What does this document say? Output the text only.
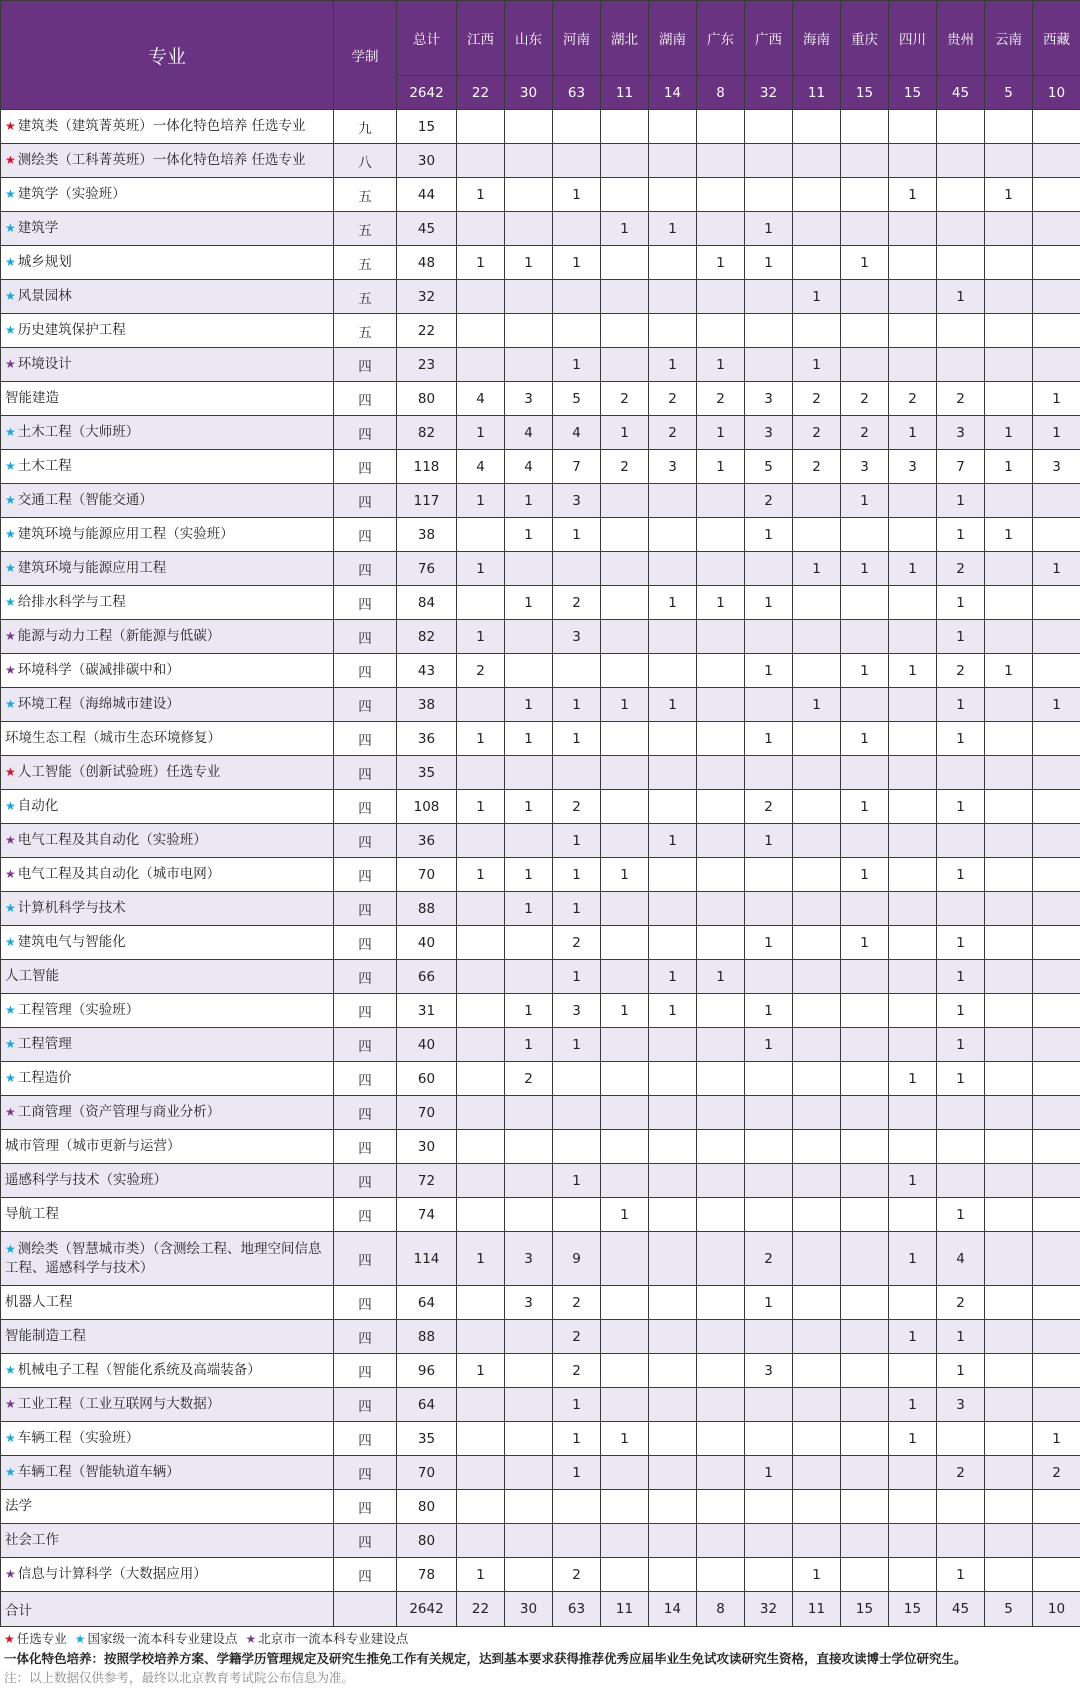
专业	学制	总计	江西	山东	河南	湖北	湖南	广东	广西	海南	重庆	四川	贵州	云南	西藏
		2642	22	30	63	11	14	8	32	11	15	15	45	5	10
★ 建筑类（建筑菁英班）一体化特色培养 任选专业	九	15													
★ 测绘类（工科菁英班）一体化特色培养 任选专业	八	30													
★ 建筑学（实验班）	五	44	1		1							1		1	
★ 建筑学	五	45				1	1		1						
★ 城乡规划	五	48	1	1	1			1	1		1				
★ 风景园林	五	32								1			1		
★ 历史建筑保护工程	五	22													
★ 环境设计	四	23			1		1	1		1					
智能建造	四	80	4	3	5	2	2	2	3	2	2	2	2		1
★ 土木工程（大师班）	四	82	1	4	4	1	2	1	3	2	2	1	3	1	1
★ 土木工程	四	118	4	4	7	2	3	1	5	2	3	3	7	1	3
★ 交通工程（智能交通）	四	117	1	1	3				2		1		1		
★ 建筑环境与能源应用工程（实验班）	四	38		1	1				1				1	1	
★ 建筑环境与能源应用工程	四	76	1							1	1	1	2		1
★ 给排水科学与工程	四	84		1	2		1	1	1				1		
★ 能源与动力工程（新能源与低碳）	四	82	1		3								1		
★ 环境科学（碳减排碳中和）	四	43	2						1		1	1	2	1	
★ 环境工程（海绵城市建设）	四	38		1	1	1	1			1			1		1
环境生态工程（城市生态环境修复）	四	36	1	1	1				1		1		1		
★ 人工智能（创新试验班）任选专业	四	35													
★ 自动化	四	108	1	1	2				2		1		1		
★ 电气工程及其自动化（实验班）	四	36			1		1		1						
★ 电气工程及其自动化（城市电网）	四	70	1	1	1	1					1		1		
★ 计算机科学与技术	四	88		1	1										
★ 建筑电气与智能化	四	40			2				1		1		1		
人工智能	四	66			1		1	1					1		
★ 工程管理（实验班）	四	31		1	3	1	1		1				1		
★ 工程管理	四	40		1	1				1				1		
★ 工程造价	四	60		2								1	1		
★ 工商管理（资产管理与商业分析）	四	70													
城市管理（城市更新与运营）	四	30													
遥感科学与技术（实验班）	四	72			1							1			
导航工程	四	74				1							1		
★ 测绘类（智慧城市类）（含测绘工程、地理空间信息工程、遥感科学与技术）	四	114	1	3	9				2			1	4		
机器人工程	四	64		3	2				1				2		
智能制造工程	四	88			2							1	1		
★ 机械电子工程（智能化系统及高端装备）	四	96	1		2				3				1		
★ 工业工程（工业互联网与大数据）	四	64			1							1	3		
★ 车辆工程（实验班）	四	35			1	1						1			1
★ 车辆工程（智能轨道车辆）	四	70			1				1				2		2
法学	四	80													
社会工作	四	80													
★ 信息与计算科学（大数据应用）	四	78	1		2					1			1		
合计		2642	22	30	63	11	14	8	32	11	15	15	45	5	10
★ 任选专业 ★ 国家级一流本科专业建设点 ★ 北京市一流本科专业建设点
一体化特色培养：按照学校培养方案、学籍学历管理规定及研究生推免工作有关规定，达到基本要求获得推荐优秀应届毕业生免试攻读研究生资格，直接攻读博士学位研究生。
注：以上数据仅供参考，最终以北京教育考试院公布信息为准。
